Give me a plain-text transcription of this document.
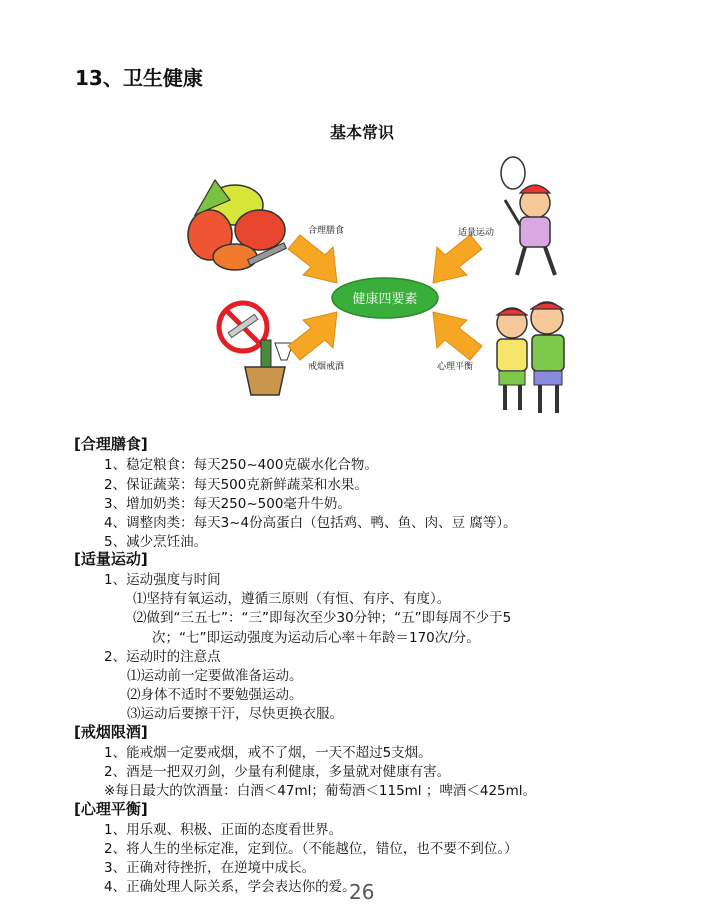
13、卫生健康
基本常识
健康四要素
合理膳食	适量运动
戒烟戒酒	心理平衡
[合理膳食]
1、稳定粮食：每天250~400克碳水化合物。
2、保证蔬菜：每天500克新鲜蔬菜和水果。
3、增加奶类：每天250~500毫升牛奶。
4、调整肉类：每天3~4份高蛋白（包括鸡、鸭、鱼、肉、豆 腐等）。
5、减少烹饪油。
[适量运动]
1、运动强度与时间
⑴坚持有氧运动，遵循三原则（有恒、有序、有度）。
⑵做到“三五七”：“三”即每次至少30分钟；“五”即每周不少于5
次；“七”即运动强度为运动后心率＋年龄＝170次/分。
2、运动时的注意点
⑴运动前一定要做准备运动。
⑵身体不适时不要勉强运动。
⑶运动后要擦干汗，尽快更换衣服。
[戒烟限酒]
1、能戒烟一定要戒烟，戒不了烟，一天不超过5支烟。
2、酒是一把双刃剑，少量有利健康，多量就对健康有害。
※每日最大的饮酒量：白酒＜47ml；葡萄酒＜115ml ；啤酒＜425ml。
[心理平衡]
1、用乐观、积极、正面的态度看世界。
2、将人生的坐标定准，定到位。（不能越位，错位，也不要不到位。）
3、正确对待挫折，在逆境中成长。
4、正确处理人际关系，学会表达你的爱。
26
